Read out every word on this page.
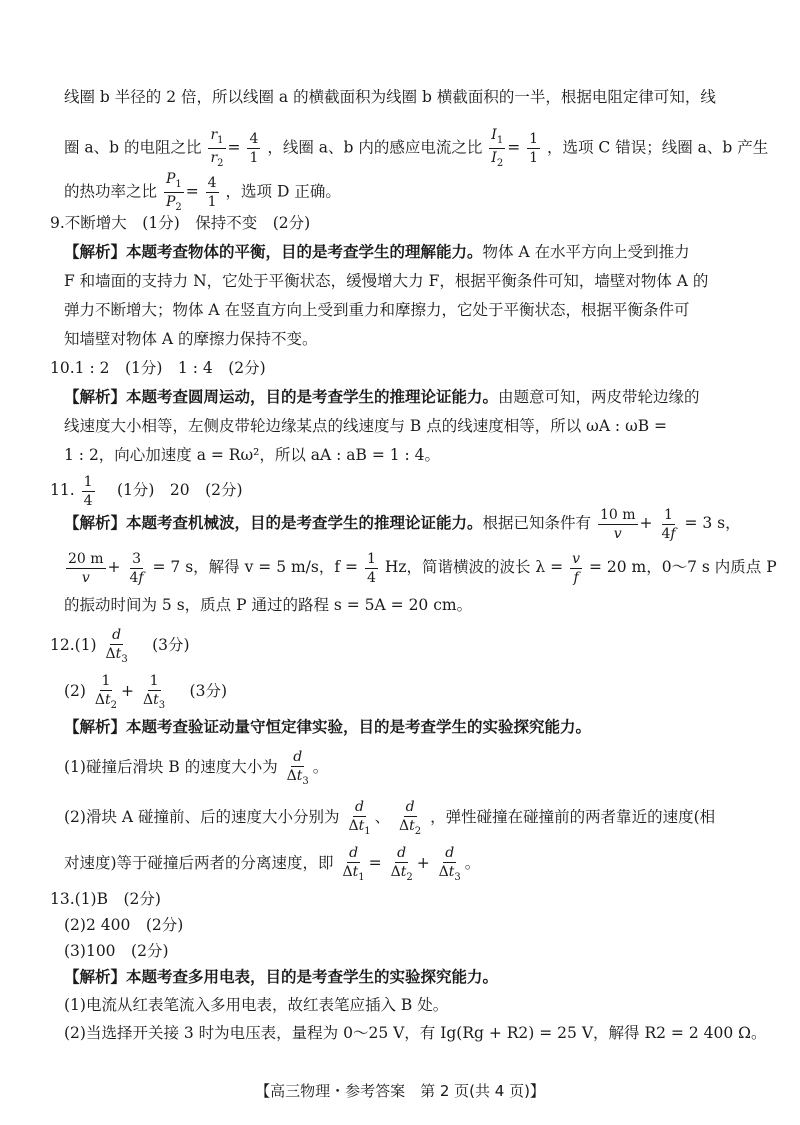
线圈 b 半径的 2 倍，所以线圈 a 的横截面积为线圈 b 横截面积的一半，根据电阻定律可知，线
圈 a、b 的电阻之比 $\frac{r_1}{r_2} = \frac{4}{1}$ ，线圈 a、b 内的感应电流之比 $\frac{I_1}{I_2} = \frac{1}{1}$ ，选项 C 错误；线圈 a、b 产生
的热功率之比 $\frac{P_1}{P_2} = \frac{4}{1}$ ，选项 D 正确。
9.不断增大　(1分)　保持不变　(2分)
【解析】本题考查物体的平衡，目的是考查学生的理解能力。物体 A 在水平方向上受到推力
F 和墙面的支持力 N，它处于平衡状态，缓慢增大力 F，根据平衡条件可知，墙壁对物体 A 的
弹力不断增大；物体 A 在竖直方向上受到重力和摩擦力，它处于平衡状态，根据平衡条件可
知墙壁对物体 A 的摩擦力保持不变。
10.1 : 2　(1分)　1 : 4　(2分)
【解析】本题考查圆周运动，目的是考查学生的推理论证能力。由题意可知，两皮带轮边缘的
线速度大小相等，左侧皮带轮边缘某点的线速度与 B 点的线速度相等，所以 ωA : ωB =
1 : 2，向心加速度 a = Rω²，所以 aA : aB = 1 : 4。
11. $\frac{1}{4}$ 　(1分)　20　(2分)
【解析】本题考查机械波，目的是考查学生的推理论证能力。根据已知条件有 $\frac{10 m}{v} + \frac{1}{4f} = 3$ s，
$\frac{20 m}{v} + \frac{3}{4f} = 7$ s，解得 v = 5 m/s，$f = \frac{1}{4}$ Hz，简谐横波的波长 $\lambda = \frac{v}{f} = 20$ m，0～7 s 内质点 P
的振动时间为 5 s，质点 P 通过的路程 s = 5A = 20 cm。
$12.(1) \frac{d}{\Delta t_3}$ 　(3分)
$(2) \frac{1}{\Delta t_2} + \frac{1}{\Delta t_3}$ 　(3分)
【解析】本题考查验证动量守恒定律实验，目的是考查学生的实验探究能力。
(1)碰撞后滑块 B 的速度大小为 $\frac{d}{\Delta t_3}$ 。
(2)滑块 A 碰撞前、后的速度大小分别为 $\frac{d}{\Delta t_1}$ 、 $\frac{d}{\Delta t_2}$ ，弹性碰撞在碰撞前的两者靠近的速度(相
对速度)等于碰撞后两者的分离速度，即 $\frac{d}{\Delta t_1} = \frac{d}{\Delta t_2} + \frac{d}{\Delta t_3}$ 。
13.(1)B　(2分)
(2)2 400　(2分)
(3)100　(2分)
【解析】本题考查多用电表，目的是考查学生的实验探究能力。
(1)电流从红表笔流入多用电表，故红表笔应插入 B 处。
(2)当选择开关接 3 时为电压表，量程为 0～25 V，有 Ig(Rg + R2) = 25 V，解得 R2 = 2 400 Ω。
【高三物理・参考答案　第 2 页(共 4 页)】
